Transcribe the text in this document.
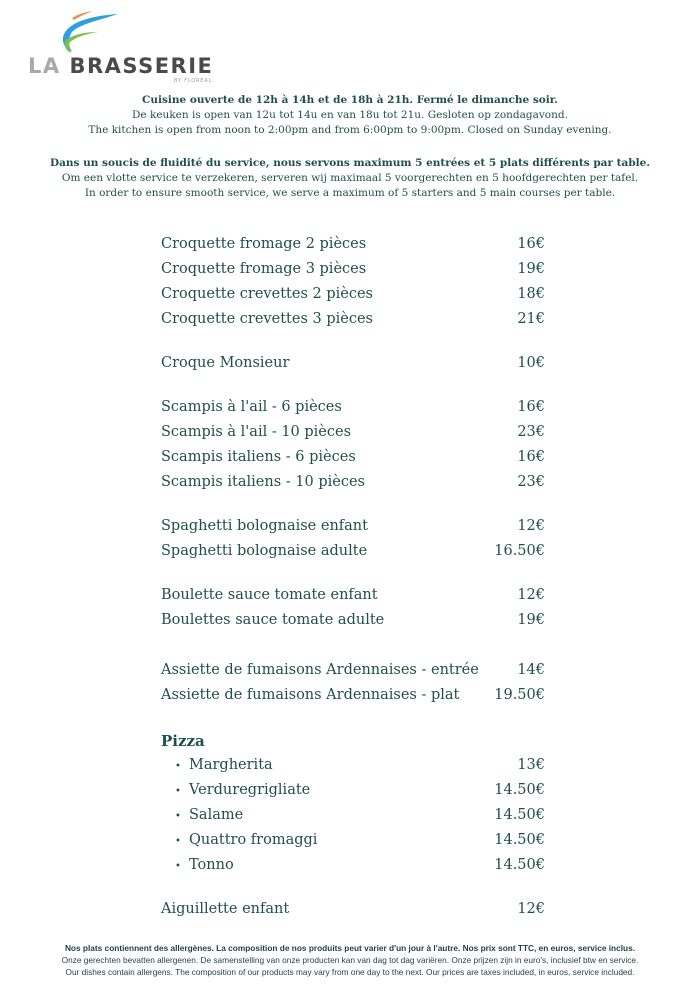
LA BRASSERIE
BY FLOREAL

Cuisine ouverte de 12h à 14h et de 18h à 21h. Fermé le dimanche soir.

De keuken is open van 12u tot 14u en van 18u tot 21u. Gesloten op zondagavond.

The kitchen is open from noon to 2:00pm and from 6:00pm to 9:00pm. Closed on Sunday evening.

Dans un soucis de fluidité du service, nous servons maximum 5 entrées et 5 plats différents par table.

Om een vlotte service te verzekeren, serveren wij maximaal 5 voorgerechten en 5 hoofdgerechten per tafel.

In order to ensure smooth service, we serve a maximum of 5 starters and 5 main courses per table.

Croquette fromage 2 pièces	16€
Croquette fromage 3 pièces	19€
Croquette crevettes 2 pièces	18€
Croquette crevettes 3 pièces	21€
Croque Monsieur	10€
Scampis à l'ail - 6 pièces	16€
Scampis à l'ail - 10 pièces	23€
Scampis italiens - 6 pièces	16€
Scampis italiens - 10 pièces	23€
Spaghetti bolognaise enfant	12€
Spaghetti bolognaise adulte	16.50€
Boulette sauce tomate enfant	12€
Boulettes sauce tomate adulte	19€
Assiette de fumaisons Ardennaises - entrée	14€
Assiette de fumaisons Ardennaises - plat 19.50€
Pizza
• Margherita	13€
• Verduregrigliate	14.50€
• Salame	14.50€
• Quattro fromaggi	14.50€
• Tonno	14.50€
Aiguillette enfant	12€

Nos plats contiennent des allergènes. La composition de nos produits peut varier d'un jour à l'autre. Nos prix sont TTC, en euros, service inclus.

Onze gerechten bevatten allergenen. De samenstelling van onze producten kan van dag tot dag variëren. Onze prijzen zijn in euro's, inclusief btw en service.

Our dishes contain allergens. The composition of our products may vary from one day to the next. Our prices are taxes included, in euros, service included.
